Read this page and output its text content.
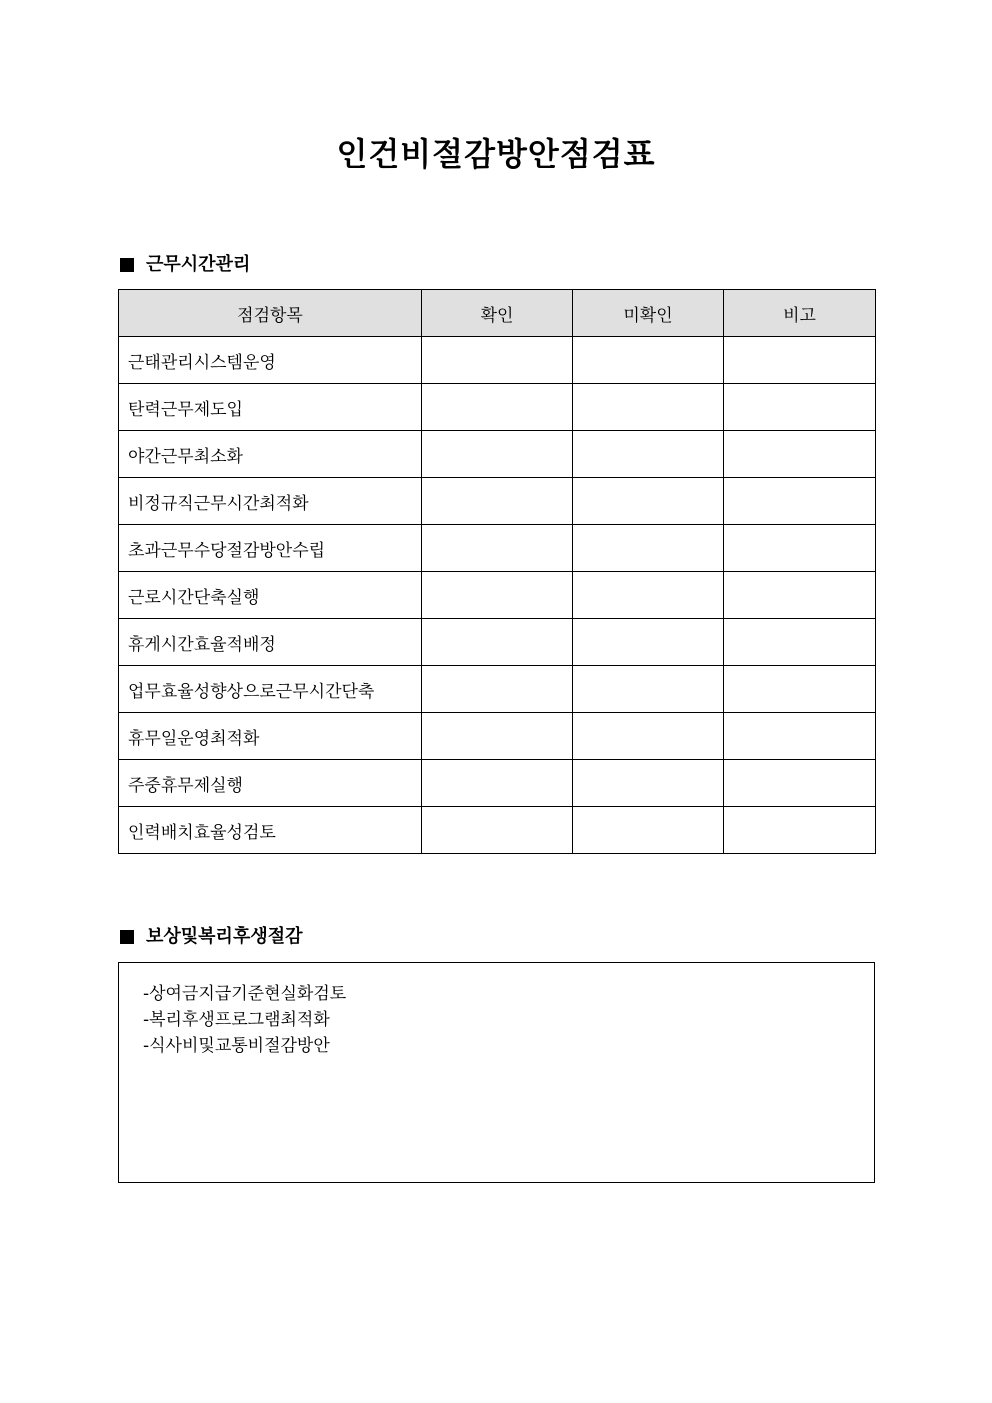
인건비절감방안점검표
근무시간관리
점검항목	확인	미확인	비고
근태관리시스템운영			
탄력근무제도입			
야간근무최소화			
비정규직근무시간최적화			
초과근무수당절감방안수립			
근로시간단축실행			
휴게시간효율적배정			
업무효율성향상으로근무시간단축			
휴무일운영최적화			
주중휴무제실행			
인력배치효율성검토			
보상및복리후생절감
-상여금지급기준현실화검토
-복리후생프로그램최적화
-식사비및교통비절감방안
